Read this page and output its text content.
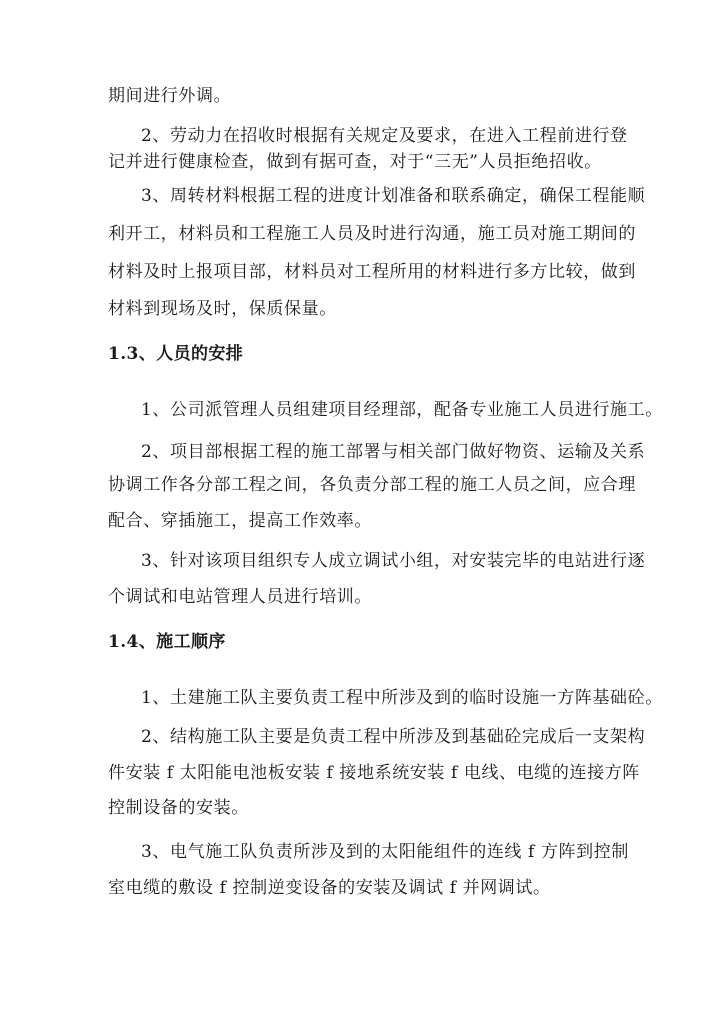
期间进行外调。
2、劳动力在招收时根据有关规定及要求，在进入工程前进行登
记并进行健康检查，做到有据可查，对于“三无”人员拒绝招收。
3、周转材料根据工程的进度计划准备和联系确定，确保工程能顺
利开工，材料员和工程施工人员及时进行沟通，施工员对施工期间的
材料及时上报项目部，材料员对工程所用的材料进行多方比较，做到
材料到现场及时，保质保量。
1.3、人员的安排
1、公司派管理人员组建项目经理部，配备专业施工人员进行施工。
2、项目部根据工程的施工部署与相关部门做好物资、运输及关系
协调工作各分部工程之间，各负责分部工程的施工人员之间，应合理
配合、穿插施工，提高工作效率。
3、针对该项目组织专人成立调试小组，对安装完毕的电站进行逐
个调试和电站管理人员进行培训。
1.4、施工顺序
1、土建施工队主要负责工程中所涉及到的临时设施一方阵基础砼。
2、结构施工队主要是负责工程中所涉及到基础砼完成后一支架构
件安装 f 太阳能电池板安装 f 接地系统安装 f 电线、电缆的连接方阵
控制设备的安装。
3、电气施工队负责所涉及到的太阳能组件的连线 f 方阵到控制
室电缆的敷设 f 控制逆变设备的安装及调试 f 并网调试。
